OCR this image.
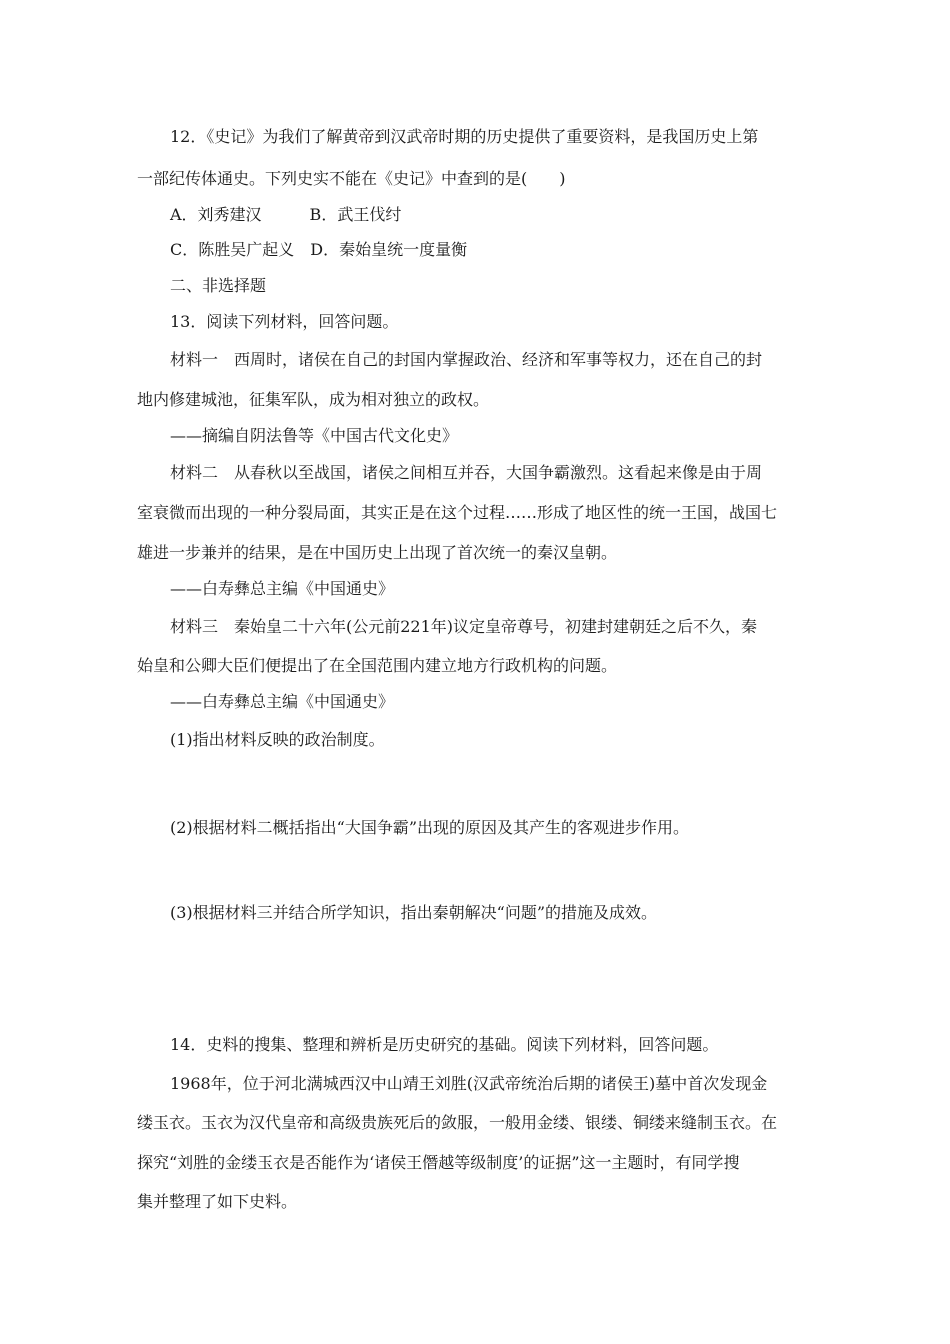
12．《史记》为我们了解黄帝到汉武帝时期的历史提供了重要资料，是我国历史上第
一部纪传体通史。下列史实不能在《史记》中查到的是(　　)
A．刘秀建汉　　　B．武王伐纣
C．陈胜吴广起义　D．秦始皇统一度量衡
二、非选择题
13．阅读下列材料，回答问题。
材料一　西周时，诸侯在自己的封国内掌握政治、经济和军事等权力，还在自己的封
地内修建城池，征集军队，成为相对独立的政权。
——摘编自阴法鲁等《中国古代文化史》
材料二　从春秋以至战国，诸侯之间相互并吞，大国争霸激烈。这看起来像是由于周
室衰微而出现的一种分裂局面，其实正是在这个过程……形成了地区性的统一王国，战国七
雄进一步兼并的结果，是在中国历史上出现了首次统一的秦汉皇朝。
——白寿彝总主编《中国通史》
材料三　秦始皇二十六年(公元前221年)议定皇帝尊号，初建封建朝廷之后不久，秦
始皇和公卿大臣们便提出了在全国范围内建立地方行政机构的问题。
——白寿彝总主编《中国通史》
(1)指出材料反映的政治制度。
(2)根据材料二概括指出“大国争霸”出现的原因及其产生的客观进步作用。
(3)根据材料三并结合所学知识，指出秦朝解决“问题”的措施及成效。
14．史料的搜集、整理和辨析是历史研究的基础。阅读下列材料，回答问题。
1968年，位于河北满城西汉中山靖王刘胜(汉武帝统治后期的诸侯王)墓中首次发现金
缕玉衣。玉衣为汉代皇帝和高级贵族死后的敛服，一般用金缕、银缕、铜缕来缝制玉衣。在
探究“刘胜的金缕玉衣是否能作为‘诸侯王僭越等级制度’的证据”这一主题时，有同学搜
集并整理了如下史料。
